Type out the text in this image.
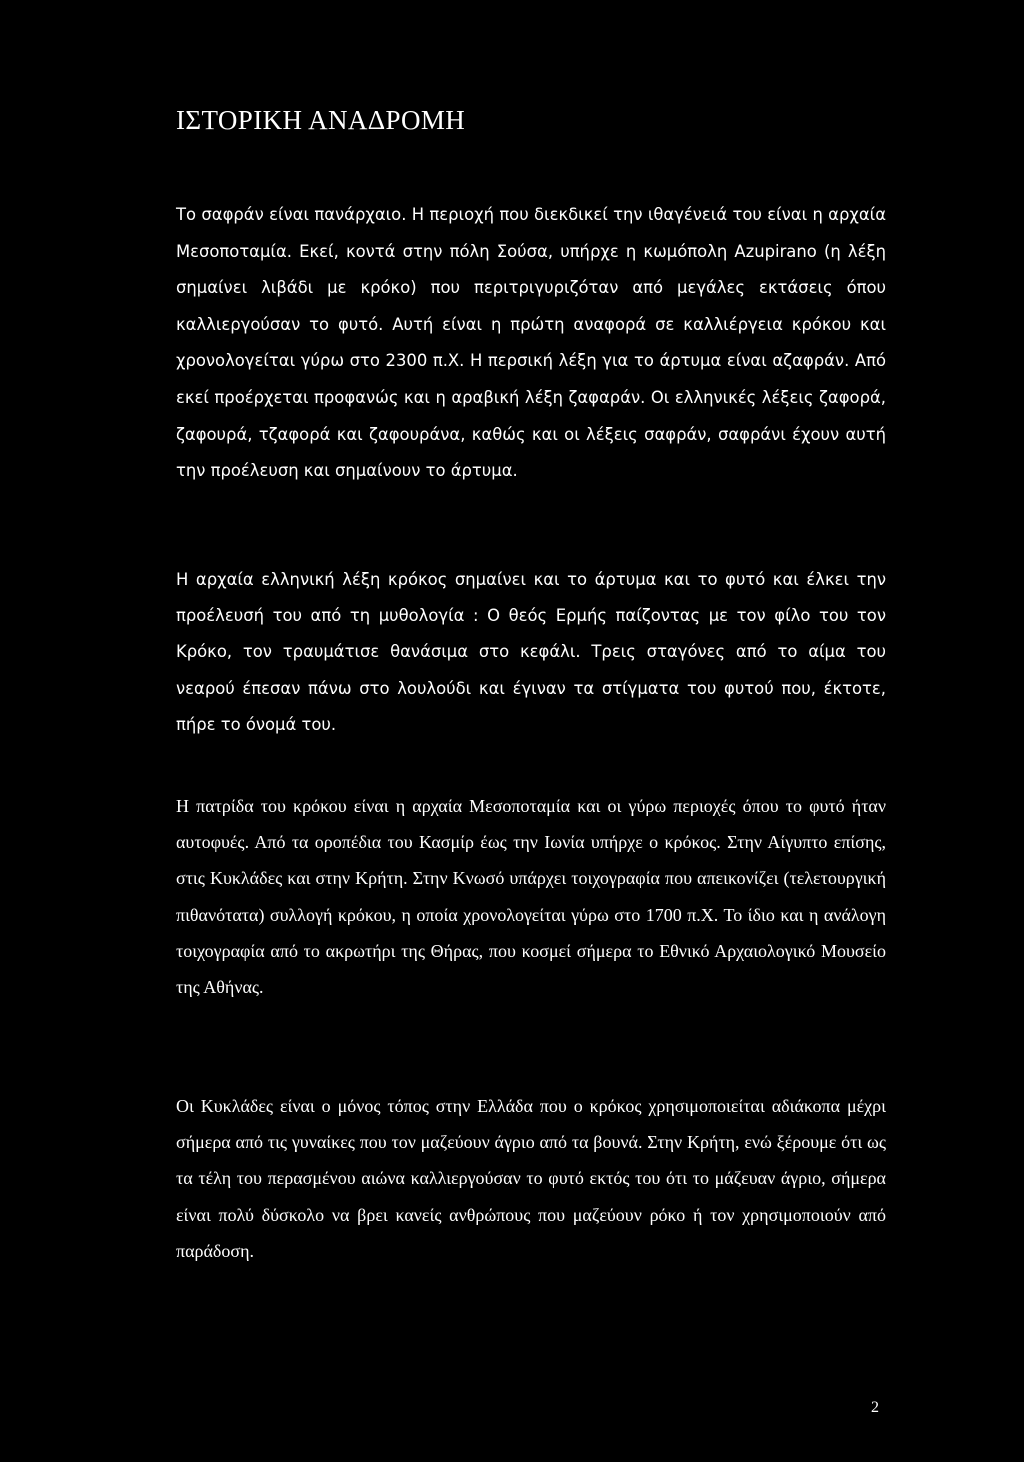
ΙΣΤΟΡΙΚΗ ΑΝΑΔΡΟΜΗ

Το σαφράν είναι πανάρχαιο. Η περιοχή που διεκδικεί την ιθαγένειά του είναι η αρχαία Μεσοποταμία. Εκεί, κοντά στην πόλη Σούσα, υπήρχε η κωμόπολη Azupirano (η λέξη σημαίνει λιβάδι με κρόκο) που περιτριγυριζόταν από μεγάλες εκτάσεις όπου καλλιεργούσαν το φυτό. Αυτή είναι η πρώτη αναφορά σε καλλιέργεια κρόκου και χρονολογείται γύρω στο 2300 π.Χ. Η περσική λέξη για το άρτυμα είναι αζαφράν. Από εκεί προέρχεται προφανώς και η αραβική λέξη ζαφαράν. Οι ελληνικές λέξεις ζαφορά, ζαφουρά, τζαφορά και ζαφουράνα, καθώς και οι λέξεις σαφράν, σαφράνι έχουν αυτή την προέλευση και σημαίνουν το άρτυμα.

Η αρχαία ελληνική λέξη κρόκος σημαίνει και το άρτυμα και το φυτό και έλκει την προέλευσή του από τη μυθολογία : Ο θεός Ερμής παίζοντας με τον φίλο του τον Κρόκο, τον τραυμάτισε θανάσιμα στο κεφάλι. Τρεις σταγόνες από το αίμα του νεαρού έπεσαν πάνω στο λουλούδι και έγιναν τα στίγματα του φυτού που, έκτοτε, πήρε το όνομά του.

Η πατρίδα του κρόκου είναι η αρχαία Μεσοποταμία και οι γύρω περιοχές όπου το φυτό ήταν αυτοφυές. Από τα οροπέδια του Κασμίρ έως την Ιωνία υπήρχε ο κρόκος. Στην Αίγυπτο επίσης, στις Κυκλάδες και στην Κρήτη. Στην Κνωσό υπάρχει τοιχογραφία που απεικονίζει (τελετουργική πιθανότατα) συλλογή κρόκου, η οποία χρονολογείται γύρω στο 1700 π.Χ. Το ίδιο και η ανάλογη τοιχογραφία από το ακρωτήρι της Θήρας, που κοσμεί σήμερα το Εθνικό Αρχαιολογικό Μουσείο της Αθήνας.

Οι Κυκλάδες είναι ο μόνος τόπος στην Ελλάδα που ο κρόκος χρησιμοποιείται αδιάκοπα μέχρι σήμερα από τις γυναίκες που τον μαζεύουν άγριο από τα βουνά. Στην Κρήτη, ενώ ξέρουμε ότι ως τα τέλη του περασμένου αιώνα καλλιεργούσαν το φυτό εκτός του ότι το μάζευαν άγριο, σήμερα είναι πολύ δύσκολο να βρει κανείς ανθρώπους που μαζεύουν ρόκο ή τον χρησιμοποιούν από παράδοση.

2
